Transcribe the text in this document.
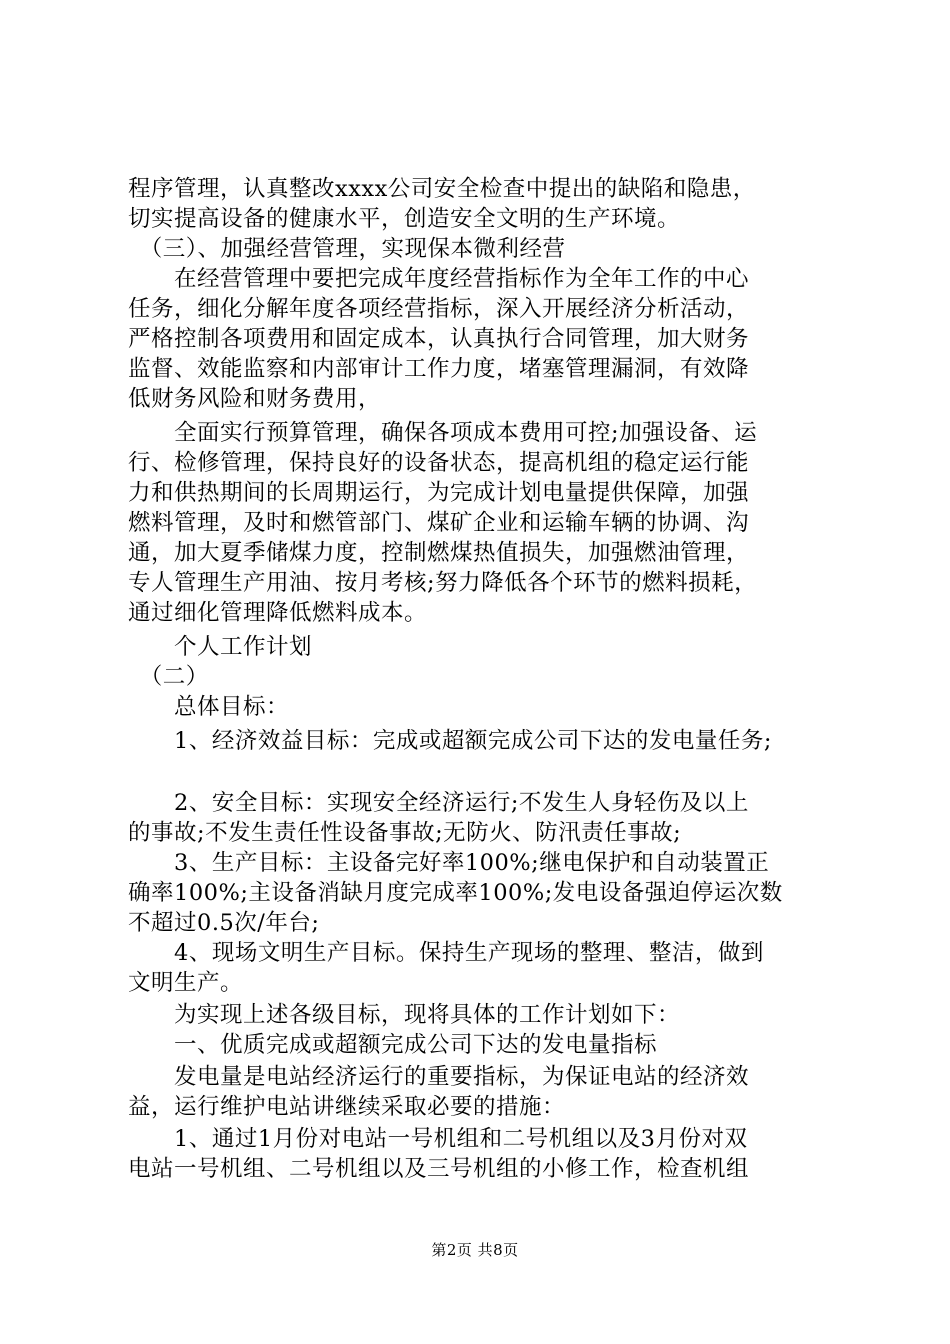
程序管理，认真整改xxxx公司安全检查中提出的缺陷和隐患，
切实提高设备的健康水平，创造安全文明的生产环境。
　（三）、加强经营管理，实现保本微利经营
　　在经营管理中要把完成年度经营指标作为全年工作的中心
任务，细化分解年度各项经营指标，深入开展经济分析活动，
严格控制各项费用和固定成本，认真执行合同管理，加大财务
监督、效能监察和内部审计工作力度，堵塞管理漏洞，有效降
低财务风险和财务费用，
　　全面实行预算管理，确保各项成本费用可控;加强设备、运
行、检修管理，保持良好的设备状态，提高机组的稳定运行能
力和供热期间的长周期运行，为完成计划电量提供保障，加强
燃料管理，及时和燃管部门、煤矿企业和运输车辆的协调、沟
通，加大夏季储煤力度，控制燃煤热值损失，加强燃油管理，
专人管理生产用油、按月考核;努力降低各个环节的燃料损耗，
通过细化管理降低燃料成本。
　　个人工作计划
　（二）
　　总体目标：
　　1、经济效益目标：完成或超额完成公司下达的发电量任务;
　　2、安全目标：实现安全经济运行;不发生人身轻伤及以上
的事故;不发生责任性设备事故;无防火、防汛责任事故;
　　3、生产目标：主设备完好率100%;继电保护和自动装置正
确率100%;主设备消缺月度完成率100%;发电设备强迫停运次数
不超过0.5次/年台;
　　4、现场文明生产目标。保持生产现场的整理、整洁，做到
文明生产。
　　为实现上述各级目标，现将具体的工作计划如下：
　　一、优质完成或超额完成公司下达的发电量指标
　　发电量是电站经济运行的重要指标，为保证电站的经济效
益，运行维护电站讲继续采取必要的措施：
　　1、通过1月份对电站一号机组和二号机组以及3月份对双
电站一号机组、二号机组以及三号机组的小修工作，检查机组
第2页 共8页
